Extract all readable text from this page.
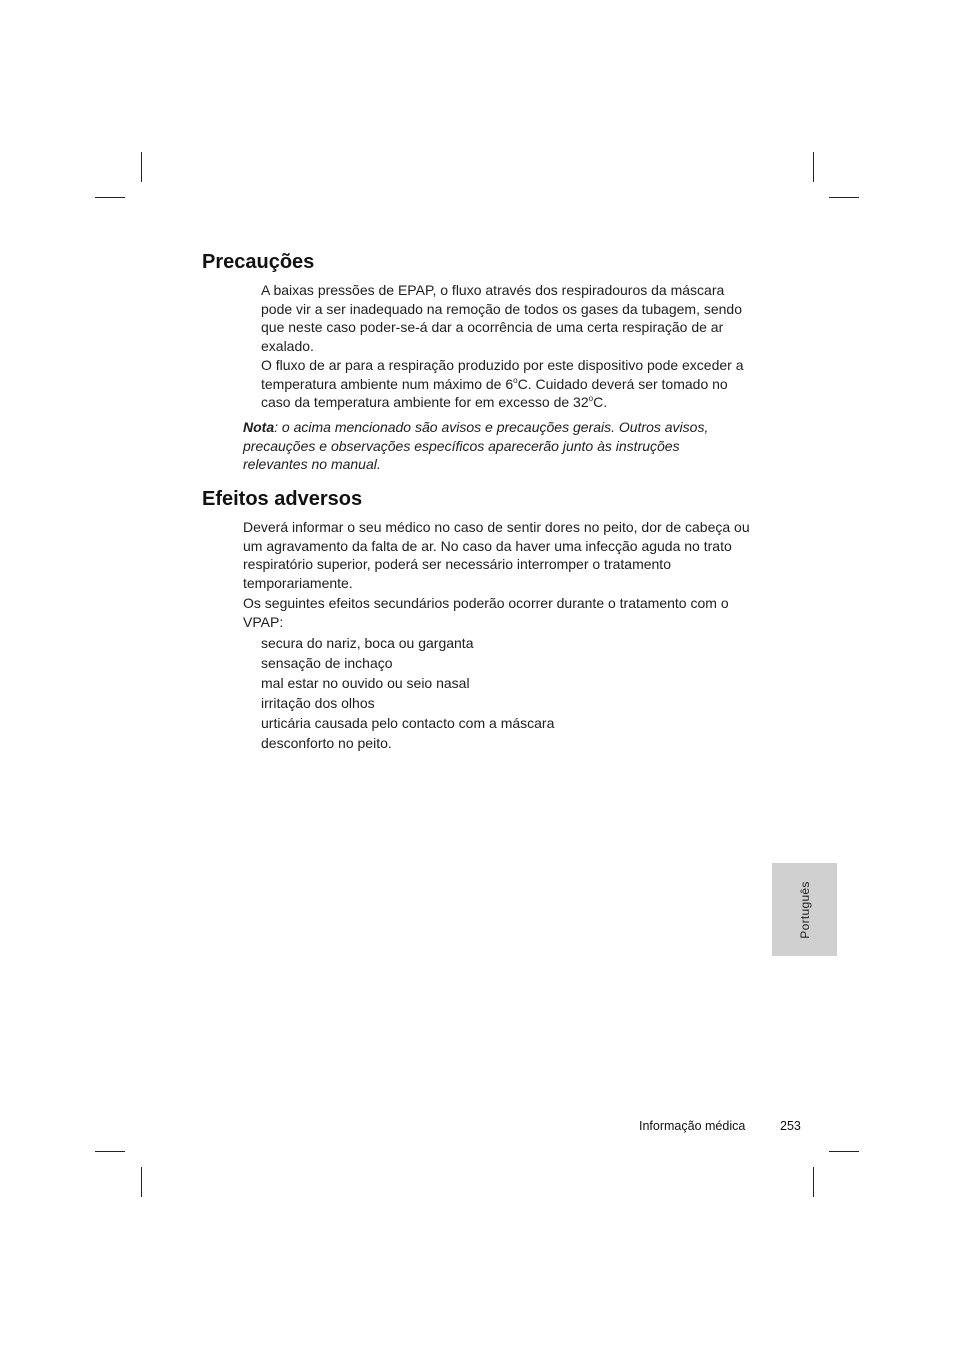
Precauções

A baixas pressões de EPAP, o fluxo através dos respiradouros da máscara pode vir a ser inadequado na remoção de todos os gases da tubagem, sendo que neste caso poder-se-á dar a ocorrência de uma certa respiração de ar exalado.

O fluxo de ar para a respiração produzido por este dispositivo pode exceder a temperatura ambiente num máximo de 6$^o$C. Cuidado deverá ser tomado no caso da temperatura ambiente for em excesso de 32$^o$C.

Nota: o acima mencionado são avisos e precauções gerais. Outros avisos, precauções e observações específicos aparecerão junto às instruções relevantes no manual.

Efeitos adversos

Deverá informar o seu médico no caso de sentir dores no peito, dor de cabeça ou um agravamento da falta de ar. No caso da haver uma infecção aguda no trato respiratório superior, poderá ser necessário interromper o tratamento temporariamente.

Os seguintes efeitos secundários poderão ocorrer durante o tratamento com o VPAP:

secura do nariz, boca ou garganta
sensação de inchaço
mal estar no ouvido ou seio nasal
irritação dos olhos
urticária causada pelo contacto com a máscara
desconforto no peito.
Português
Informação médica	253
